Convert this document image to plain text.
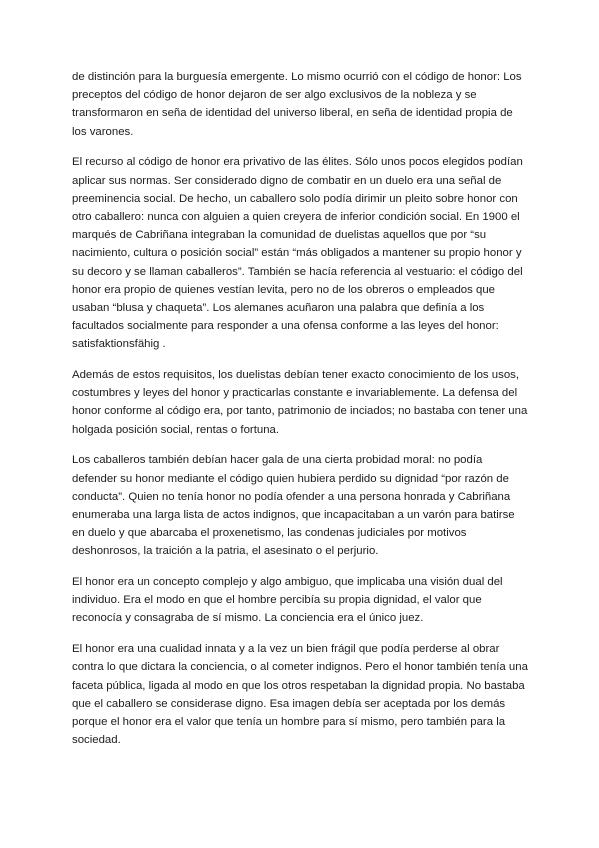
de distinción para la burguesía emergente. Lo mismo ocurrió con el código de honor: Los preceptos del código de honor dejaron de ser algo exclusivos de la nobleza y se transformaron en seña de identidad del universo liberal, en seña de identidad propia de los varones.

El recurso al código de honor era privativo de las élites. Sólo unos pocos elegidos podían aplicar sus normas. Ser considerado digno de combatir en un duelo era una señal de preeminencia social. De hecho, un caballero solo podía dirimir un pleito sobre honor con otro caballero: nunca con alguien a quien creyera de inferior condición social. En 1900 el marqués de Cabriñana integraban la comunidad de duelistas aquellos que por “su nacimiento, cultura o posición social” están “más obligados a mantener su propio honor y su decoro y se llaman caballeros”. También se hacía referencia al vestuario: el código del honor era propio de quienes vestían levita, pero no de los obreros o empleados que usaban “blusa y chaqueta”. Los alemanes acuñaron una palabra que definía a los facultados socialmente para responder a una ofensa conforme a las leyes del honor: satisfaktionsfähig .

Además de estos requisitos, los duelistas debían tener exacto conocimiento de los usos, costumbres y leyes del honor y practicarlas constante e invariablemente. La defensa del honor conforme al código era, por tanto, patrimonio de inciados; no bastaba con tener una holgada posición social, rentas o fortuna.

Los caballeros también debían hacer gala de una cierta probidad moral: no podía defender su honor mediante el código quien hubiera perdido su dignidad “por razón de conducta”. Quien no tenía honor no podía ofender a una persona honrada y Cabriñana enumeraba una larga lista de actos indignos, que incapacitaban a un varón para batirse en duelo y que abarcaba el proxenetismo, las condenas judiciales por motivos deshonrosos, la traición a la patria, el asesinato o el perjurio.

El honor era un concepto complejo y algo ambiguo, que implicaba una visión dual del individuo. Era el modo en que el hombre percibía su propia dignidad, el valor que reconocía y consagraba de sí mismo. La conciencia era el único juez.

El honor era una cualidad innata y a la vez un bien frágil que podía perderse al obrar contra lo que dictara la conciencia, o al cometer indignos. Pero el honor también tenía una faceta pública, ligada al modo en que los otros respetaban la dignidad propia. No bastaba que el caballero se considerase digno. Esa imagen debía ser aceptada por los demás porque el honor era el valor que tenía un hombre para sí mismo, pero también para la sociedad.
